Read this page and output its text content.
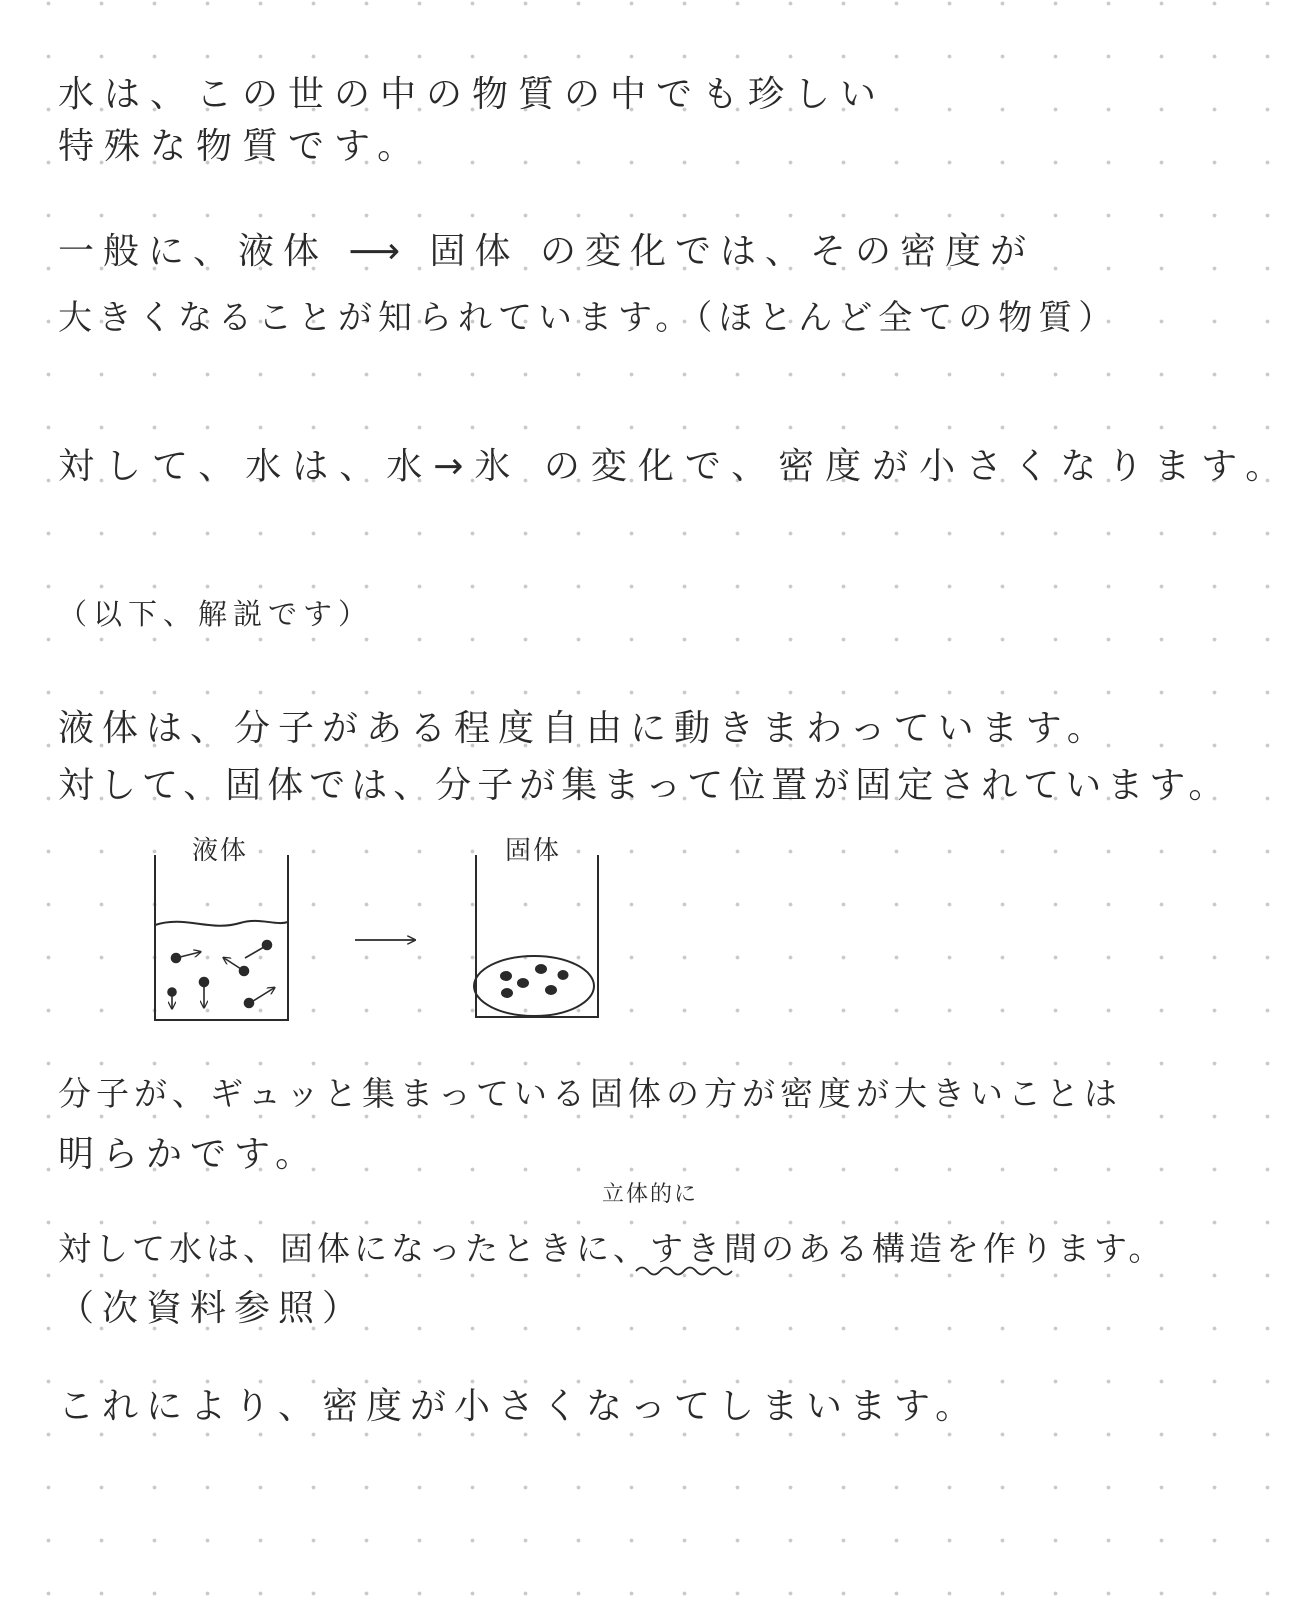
水は、この世の中の物質の中でも珍しい
特殊な物質です。
一般に、液体 ⟶ 固体 の変化では、その密度が
大きくなることが知られています。（ほとんど全ての物質）
対して、水は、水→氷 の変化で、密度が小さくなります。
（以下、解説です）
液体は、分子がある程度自由に動きまわっています。
対して、固体では、分子が集まって位置が固定されています。
液体	固体
分子が、ギュッと集まっている固体の方が密度が大きいことは
明らかです。
立体的に
対して水は、固体になったときに、すき間のある構造を作ります。
（次資料参照）
これにより、密度が小さくなってしまいます。
